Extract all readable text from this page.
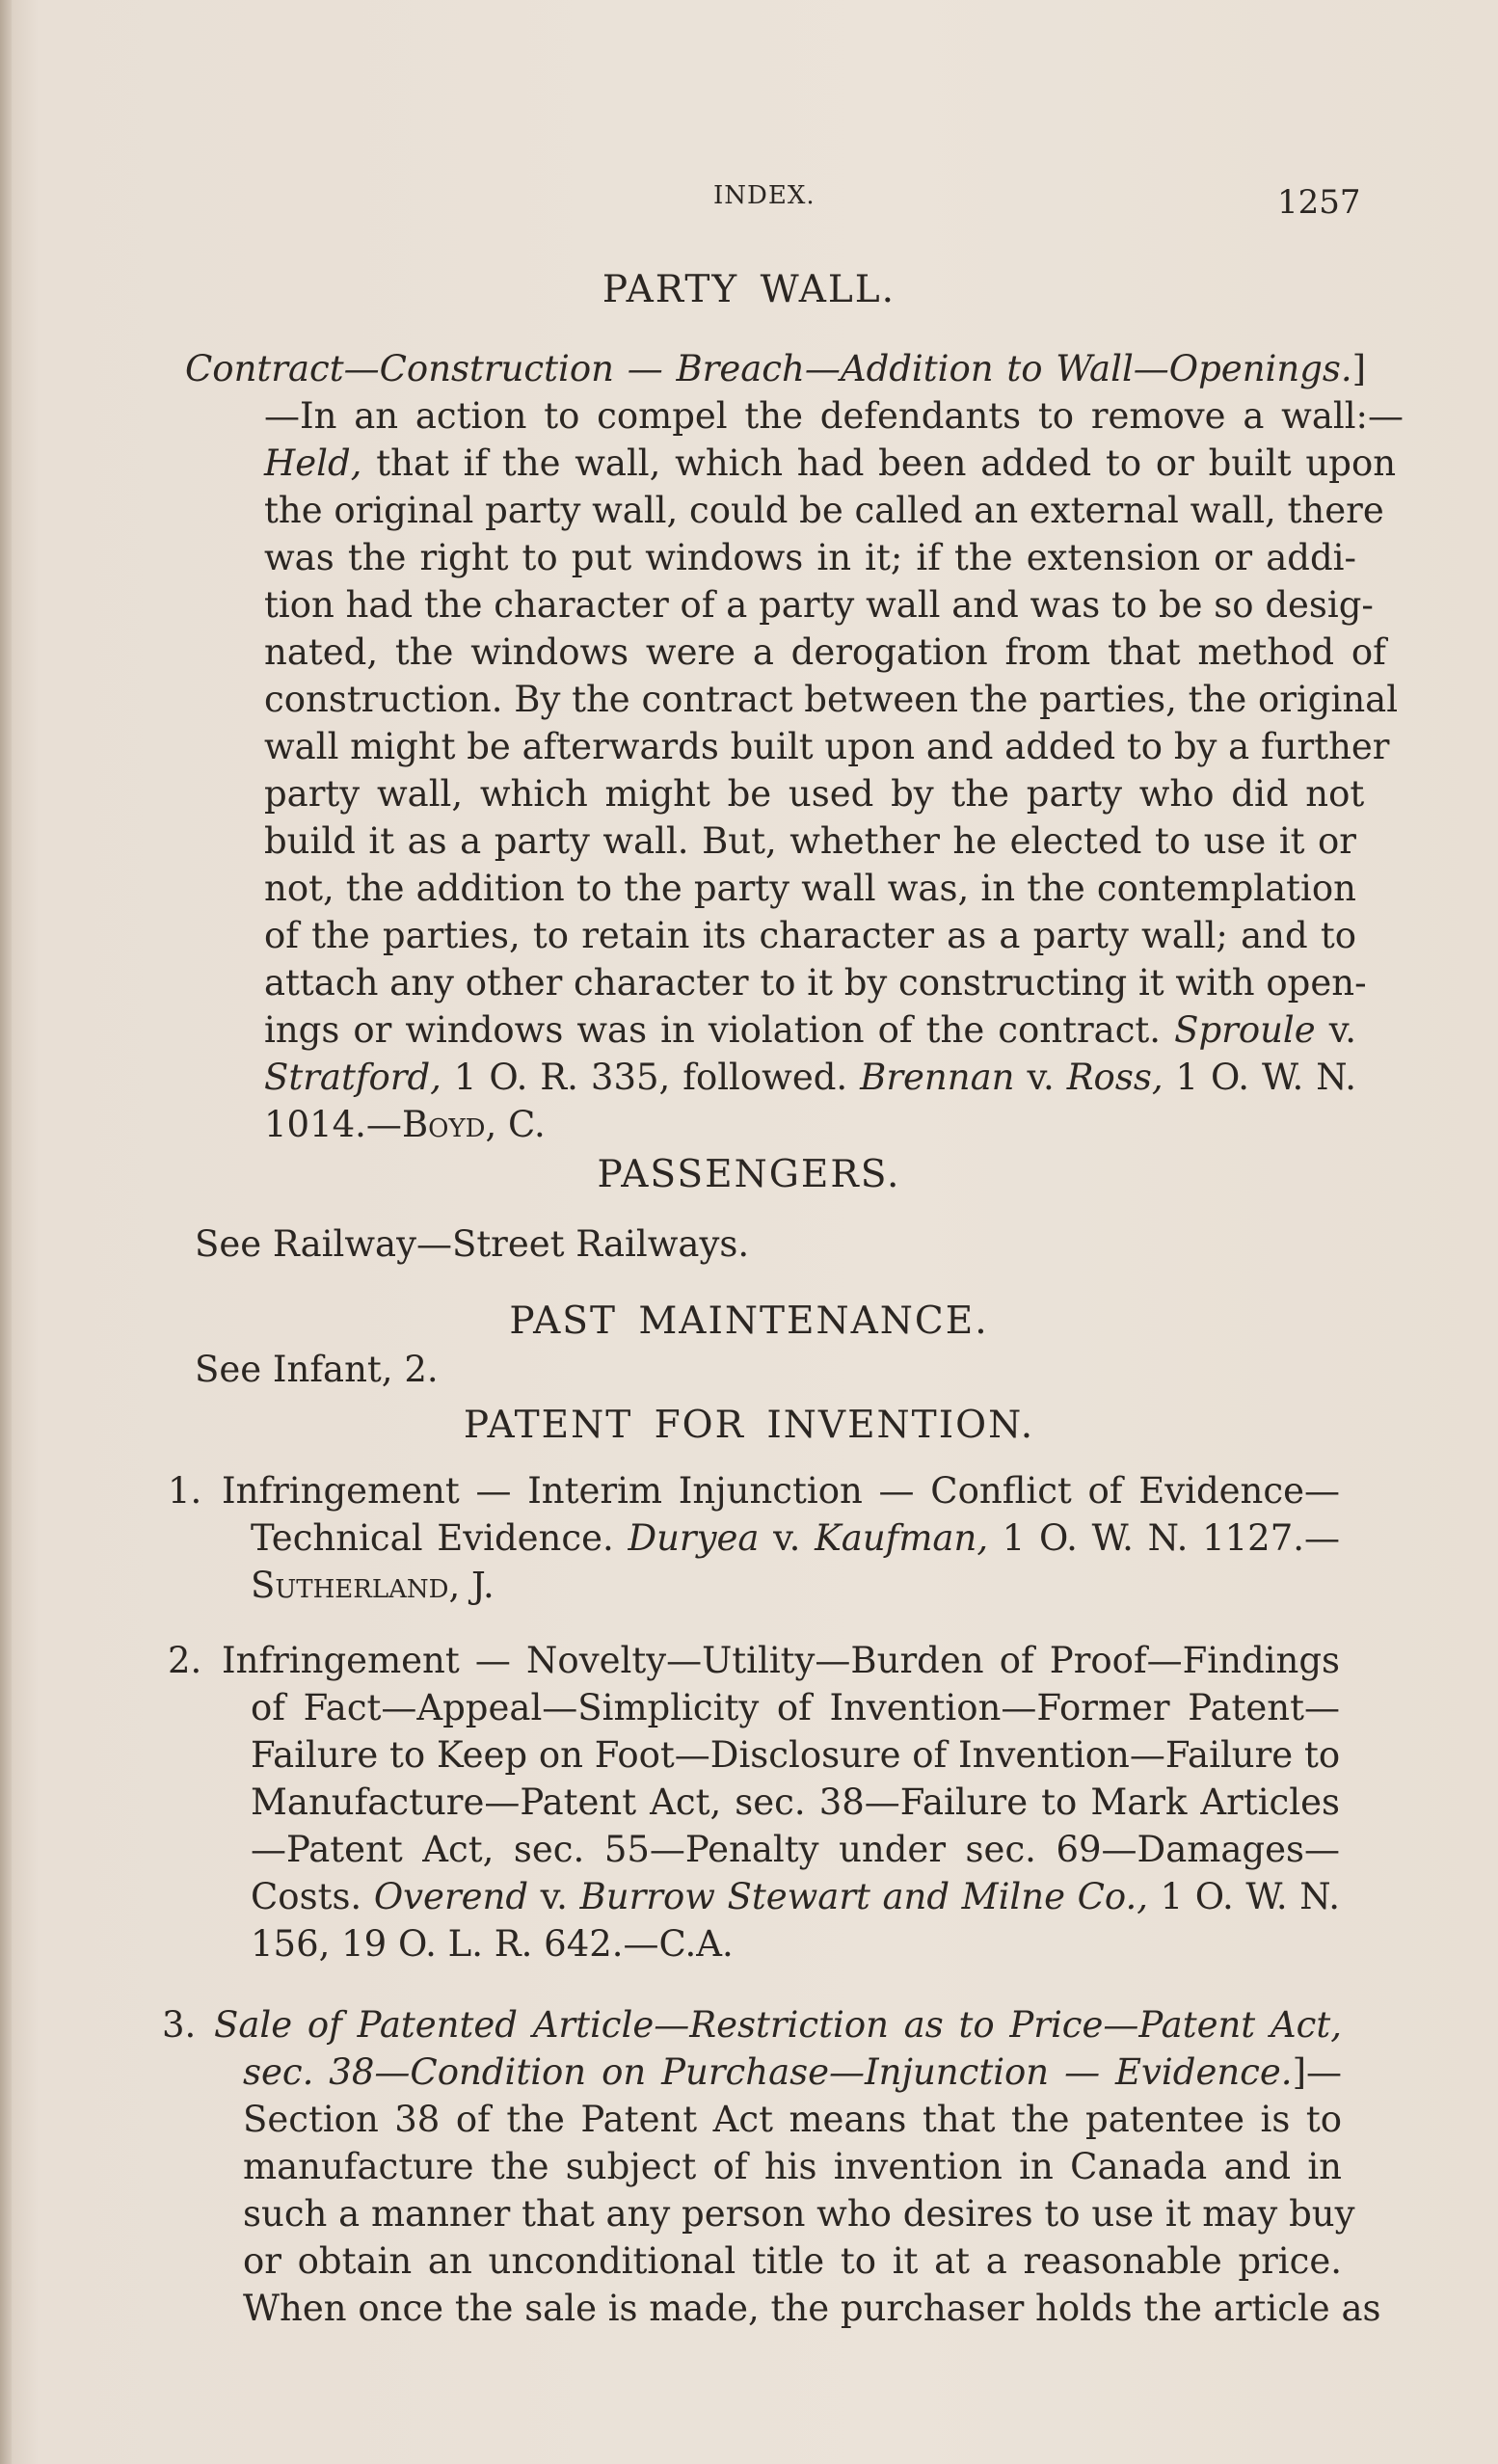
INDEX.	1257
PARTY WALL.
Contract—Construction — Breach—Addition to Wall—Openings.]
—In an action to compel the defendants to remove a wall:—
Held, that if the wall, which had been added to or built upon
the original party wall, could be called an external wall, there
was the right to put windows in it; if the extension or addi-
tion had the character of a party wall and was to be so desig-
nated, the windows were a derogation from that method of
construction. By the contract between the parties, the original
wall might be afterwards built upon and added to by a further
party wall, which might be used by the party who did not
build it as a party wall. But, whether he elected to use it or
not, the addition to the party wall was, in the contemplation
of the parties, to retain its character as a party wall; and to
attach any other character to it by constructing it with open-
ings or windows was in violation of the contract. Sproule v.
Stratford, 1 O. R. 335, followed. Brennan v. Ross, 1 O. W. N.
1014.—Boyd, C.
PASSENGERS.
See Railway—Street Railways.
PAST MAINTENANCE.
See Infant, 2.
PATENT FOR INVENTION.
1. Infringement — Interim Injunction — Conflict of Evidence—
Technical Evidence. Duryea v. Kaufman, 1 O. W. N. 1127.—
Sutherland, J.
2. Infringement — Novelty—Utility—Burden of Proof—Findings
of Fact—Appeal—Simplicity of Invention—Former Patent—
Failure to Keep on Foot—Disclosure of Invention—Failure to
Manufacture—Patent Act, sec. 38—Failure to Mark Articles
—Patent Act, sec. 55—Penalty under sec. 69—Damages—
Costs. Overend v. Burrow Stewart and Milne Co., 1 O. W. N.
156, 19 O. L. R. 642.—C.A.
3. Sale of Patented Article—Restriction as to Price—Patent Act,
sec. 38—Condition on Purchase—Injunction — Evidence.]—
Section 38 of the Patent Act means that the patentee is to
manufacture the subject of his invention in Canada and in
such a manner that any person who desires to use it may buy
or obtain an unconditional title to it at a reasonable price.
When once the sale is made, the purchaser holds the article as
